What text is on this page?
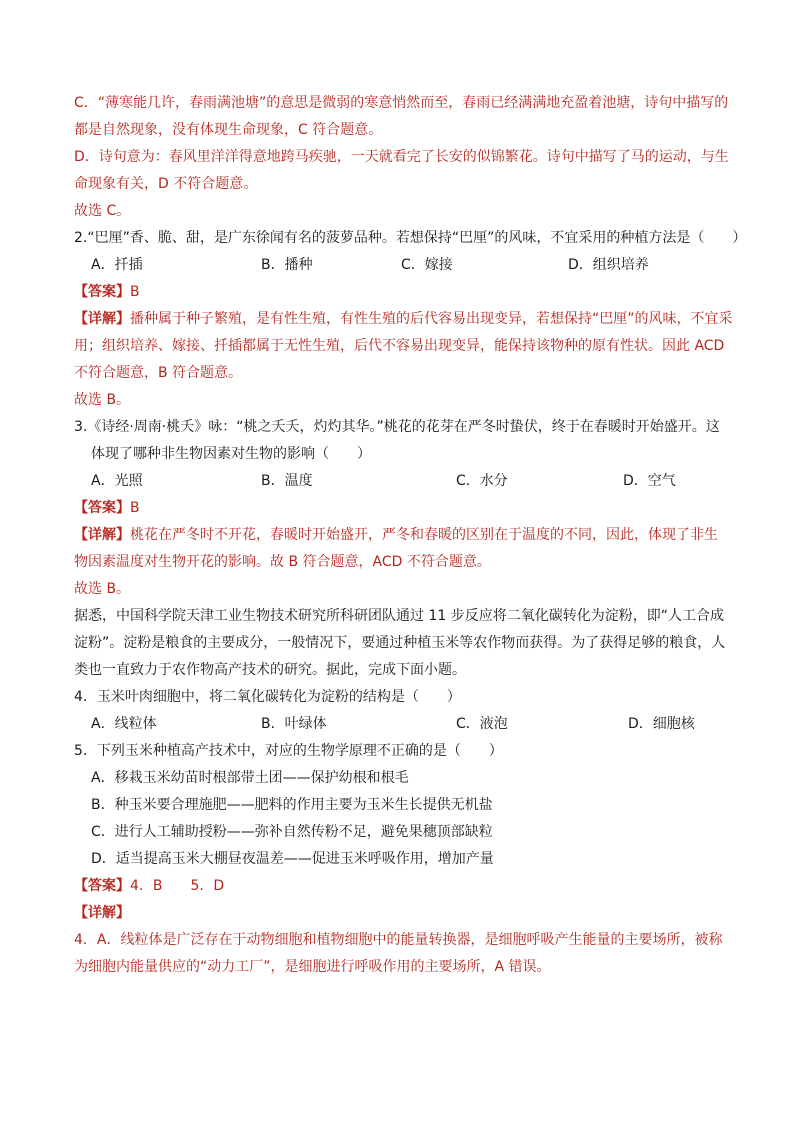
C．“薄寒能几许，春雨满池塘”的意思是微弱的寒意悄然而至，春雨已经满满地充盈着池塘，诗句中描写的
都是自然现象，没有体现生命现象，C 符合题意。
D．诗句意为：春风里洋洋得意地跨马疾驰，一天就看完了长安的似锦繁花。诗句中描写了马的运动，与生
命现象有关，D 不符合题意。
故选 C。
2.“巴厘”香、脆、甜，是广东徐闻有名的菠萝品种。若想保持“巴厘”的风味，不宜采用的种植方法是（　　）
A．扦插	B．播种	C．嫁接	D．组织培养
【答案】B
【详解】播种属于种子繁殖，是有性生殖，有性生殖的后代容易出现变异，若想保持“巴厘”的风味，不宜采
用；组织培养、嫁接、扦插都属于无性生殖，后代不容易出现变异，能保持该物种的原有性状。因此 ACD
不符合题意，B 符合题意。
故选 B。
3.《诗经·周南·桃夭》咏：“桃之夭夭，灼灼其华。”桃花的花芽在严冬时蛰伏，终于在春暖时开始盛开。这
体现了哪种非生物因素对生物的影响（　　）
A．光照	B．温度	C．水分	D．空气
【答案】B
【详解】桃花在严冬时不开花，春暖时开始盛开，严冬和春暖的区别在于温度的不同，因此，体现了非生
物因素温度对生物开花的影响。故 B 符合题意，ACD 不符合题意。
故选 B。
据悉，中国科学院天津工业生物技术研究所科研团队通过 11 步反应将二氧化碳转化为淀粉，即“人工合成
淀粉”。淀粉是粮食的主要成分，一般情况下，要通过种植玉米等农作物而获得。为了获得足够的粮食，人
类也一直致力于农作物高产技术的研究。据此，完成下面小题。
4．玉米叶肉细胞中，将二氧化碳转化为淀粉的结构是（　　）
A．线粒体	B．叶绿体	C．液泡	D．细胞核
5．下列玉米种植高产技术中，对应的生物学原理不正确的是（　　）
A．移栽玉米幼苗时根部带土团——保护幼根和根毛
B．种玉米要合理施肥——肥料的作用主要为玉米生长提供无机盐
C．进行人工辅助授粉——弥补自然传粉不足，避免果穗顶部缺粒
D．适当提高玉米大棚昼夜温差——促进玉米呼吸作用，增加产量
【答案】4．B　　5．D
【详解】
4．A．线粒体是广泛存在于动物细胞和植物细胞中的能量转换器，是细胞呼吸产生能量的主要场所，被称
为细胞内能量供应的“动力工厂”，是细胞进行呼吸作用的主要场所，A 错误。
